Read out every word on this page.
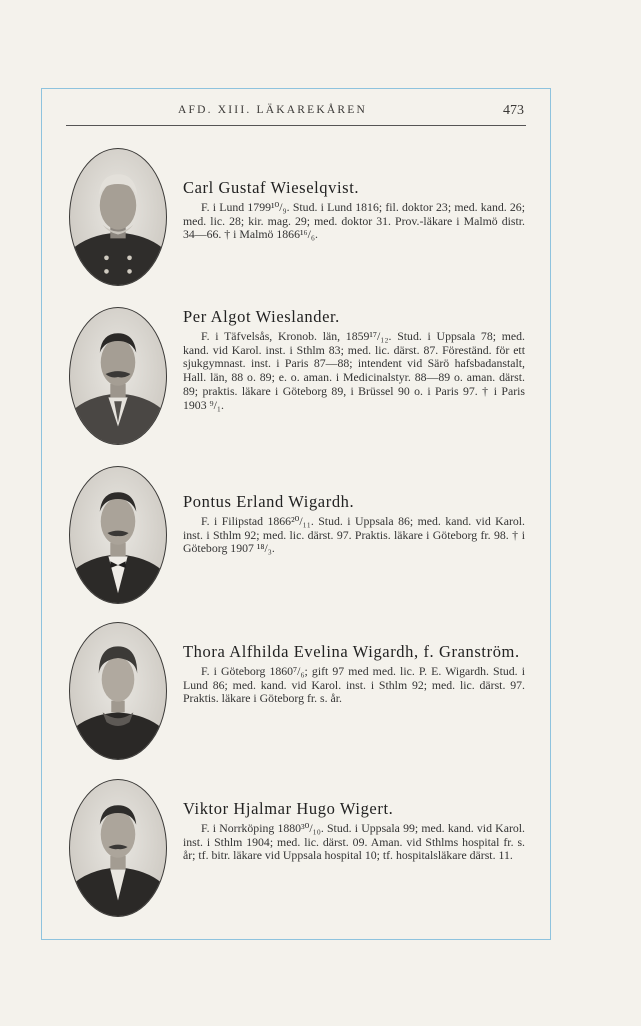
AFD. XIII. LÄKAREKÅREN	473
Carl Gustaf Wieselqvist.

F. i Lund 1799¹⁰/₉. Stud. i Lund 1816; fil. doktor 23; med. kand. 26; med. lic. 28; kir. mag. 29; med. doktor 31. Prov.-läkare i Malmö distr. 34—66. † i Malmö 1866¹⁶/₆.

Per Algot Wieslander.

F. i Täfvelsås, Kronob. län, 1859¹⁷/₁₂. Stud. i Uppsala 78; med. kand. vid Karol. inst. i Sthlm 83; med. lic. därst. 87. Föreständ. för ett sjukgymnast. inst. i Paris 87—88; intendent vid Särö hafsbadanstalt, Hall. län, 88 o. 89; e. o. aman. i Medicinalstyr. 88—89 o. aman. därst. 89; praktis. läkare i Göteborg 89, i Brüssel 90 o. i Paris 97. † i Paris 1903 ⁹/₁.

Pontus Erland Wigardh.

F. i Filipstad 1866²⁰/₁₁. Stud. i Uppsala 86; med. kand. vid Karol. inst. i Sthlm 92; med. lic. därst. 97. Praktis. läkare i Göteborg fr. 98. † i Göteborg 1907 ¹⁸/₃.

Thora Alfhilda Evelina Wigardh, f. Granström.

F. i Göteborg 1860⁷/₆; gift 97 med med. lic. P. E. Wigardh. Stud. i Lund 86; med. kand. vid Karol. inst. i Sthlm 92; med. lic. därst. 97. Praktis. läkare i Göteborg fr. s. år.

Viktor Hjalmar Hugo Wigert.

F. i Norrköping 1880³⁰/₁₀. Stud. i Uppsala 99; med. kand. vid Karol. inst. i Sthlm 1904; med. lic. därst. 09. Aman. vid Sthlms hospital fr. s. år; tf. bitr. läkare vid Uppsala hospital 10; tf. hospitalsläkare därst. 11.
